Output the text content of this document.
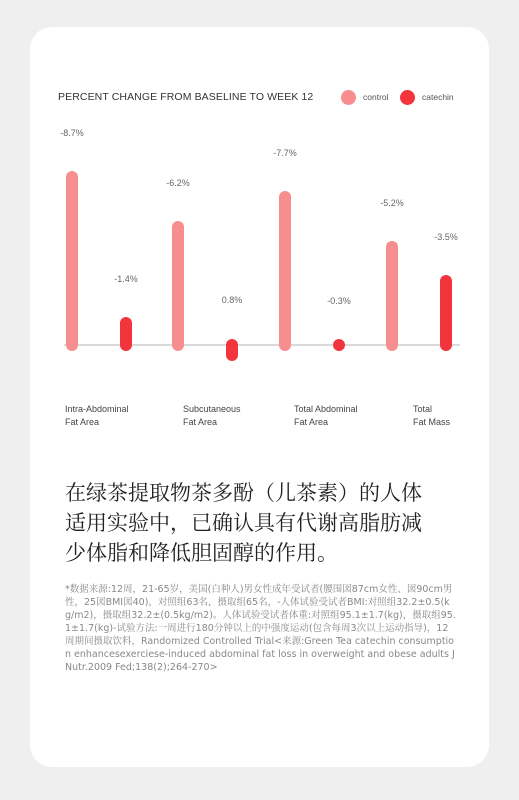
PERCENT CHANGE FROM BASELINE TO WEEK 12	control	catechin
-8.7%
-6.2%
-7.7%
-5.2%
-1.4%
0.8%	-0.3%
-3.5%
Intra-Abdominal Fat Area
Subcutaneous Fat Area
Total Abdominal Fat Area
Total Fat Mass

在绿茶提取物茶多酚（儿茶素）的人体
适用实验中，已确认具有代谢高脂肪减
少体脂和降低胆固醇的作用。

*数据来源:12周，21-65岁，美国(白种人)男女性成年受试者(腰围図87cm女性、図90cm男性，25図BMI図40)，对照组63名，摄取组65名，-人体试验受试者BMI:对照组32.2±0.5(kg/m2)，摄取组32.2±(0.5kg/m2)。人体试验受试者体重:对照组95.1±1.7(kg)，摄取组95.1±1.7(kg)-试验方法:一周进行180分钟以上的中强度运动(包含每周3次以上运动指导)，12周期间摄取饮料，Randomized Controlled Trial<来源:Green Tea catechin consumption enhancesexerciese-induced abdominal fat loss in overweight and obese adults JNutr.2009 Fed;138(2);264-270>
